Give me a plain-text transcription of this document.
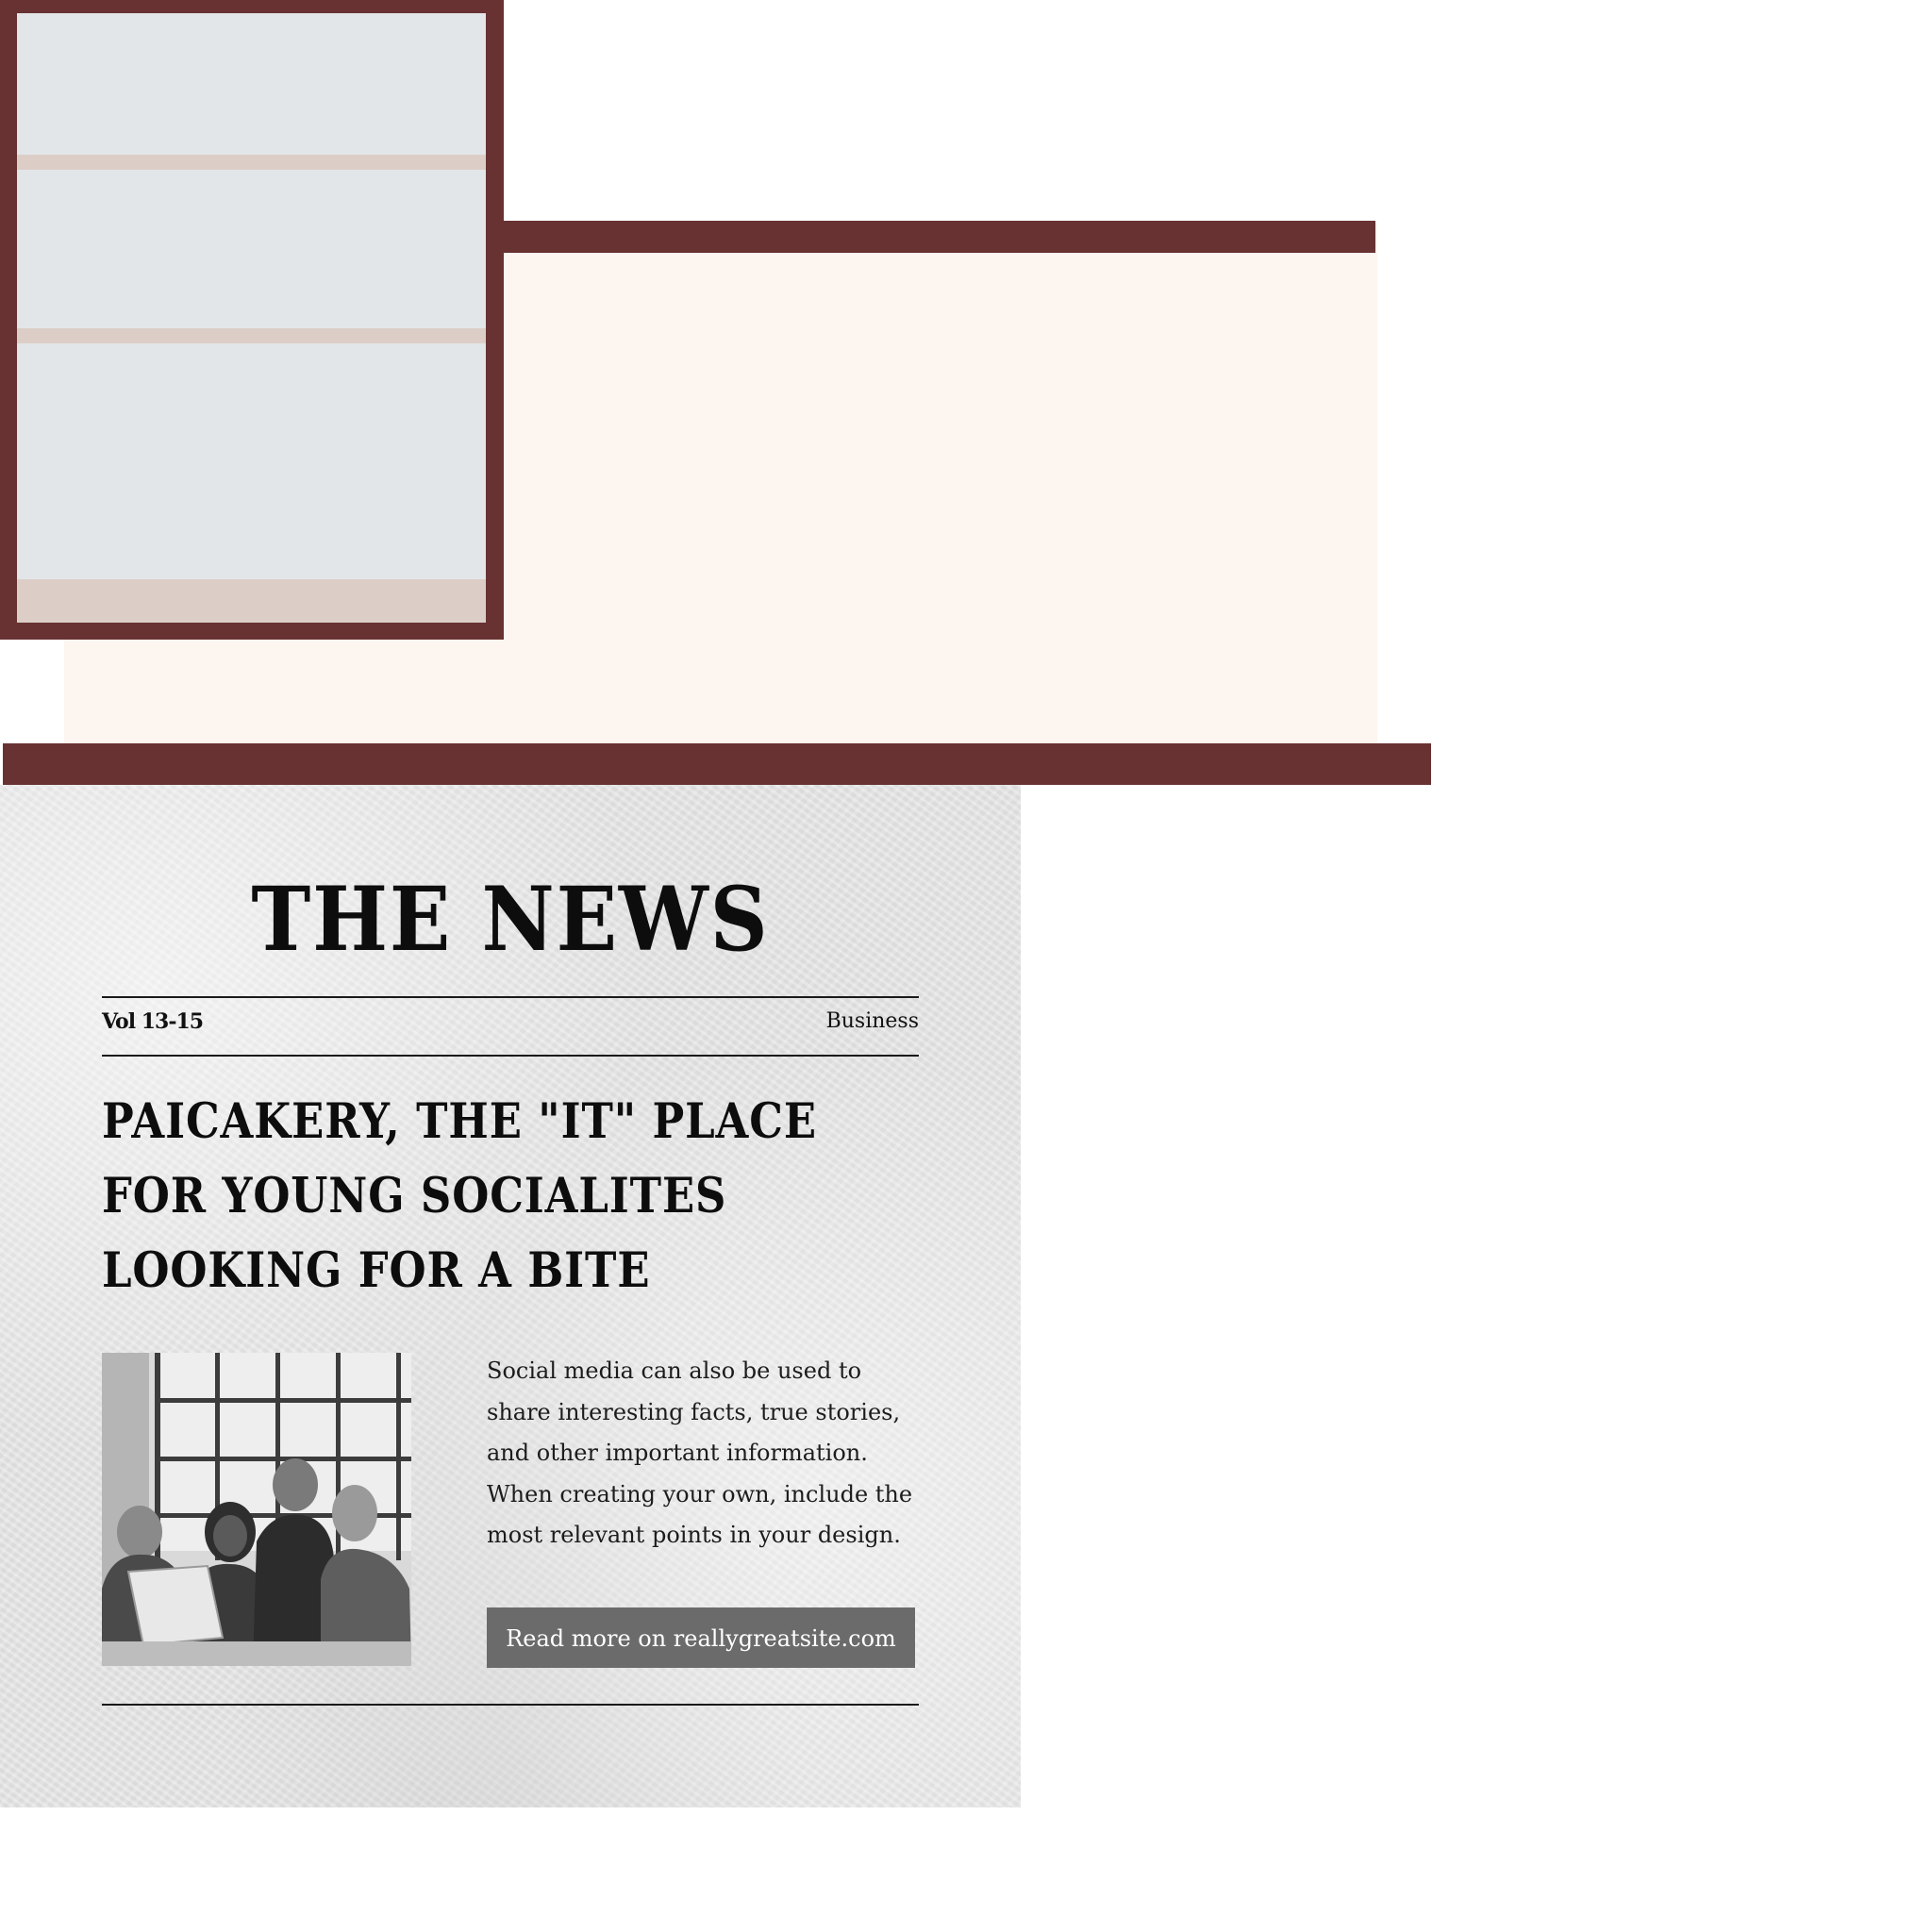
THE NEWS
Vol 13-15	Business
PAICAKERY, THE "IT" PLACE FOR YOUNG SOCIALITES LOOKING FOR A BITE

Social media can also be used to share interesting facts, true stories, and other important information. When creating your own, include the most relevant points in your design.

Read more on reallygreatsite.com
